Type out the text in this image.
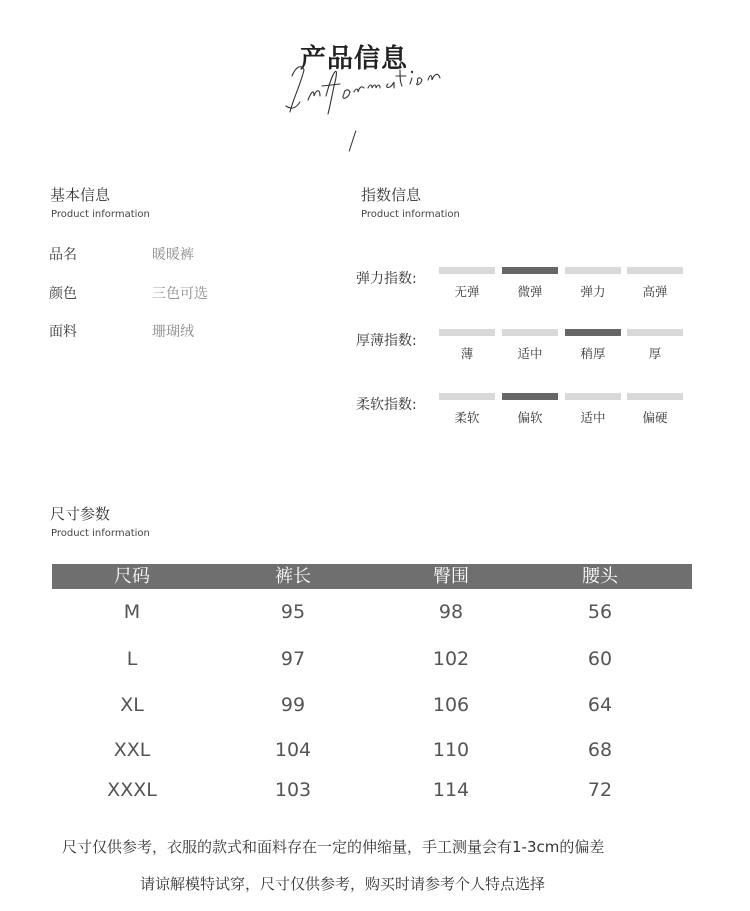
产品信息
基本信息
Product information
品名	暖暖裤
颜色	三色可选
面料	珊瑚绒
指数信息
Product information
弹力指数:
无弹	微弹	弹力	高弹
厚薄指数:
薄	适中	稍厚	厚
柔软指数:
柔软	偏软	适中	偏硬
尺寸参数
Product information
尺码	裤长	臀围	腰头
M	95	98	56
L	97	102	60
XL	99	106	64
XXL	104	110	68
XXXL	103	114	72
尺寸仅供参考，衣服的款式和面料存在一定的伸缩量，手工测量会有1-3cm的偏差
请谅解模特试穿，尺寸仅供参考，购买时请参考个人特点选择
